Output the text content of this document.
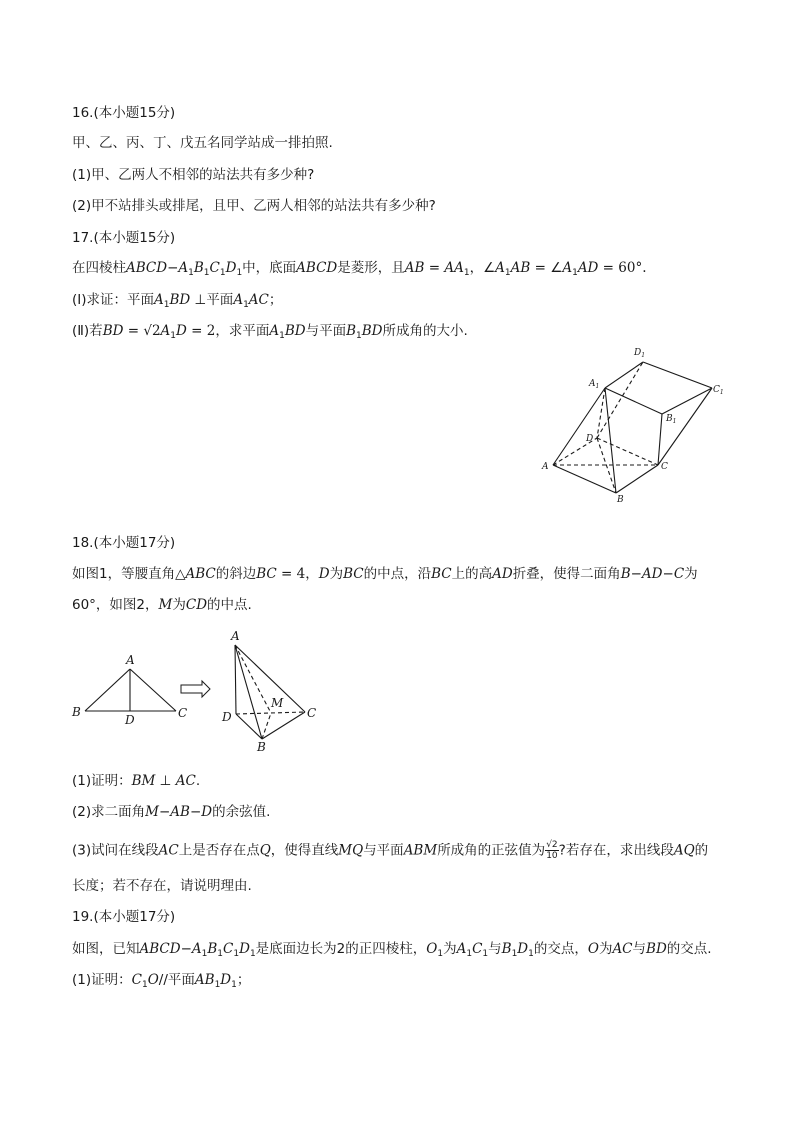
16.(本小题15分)
甲、乙、丙、丁、戊五名同学站成一排拍照.
(1)甲、乙两人不相邻的站法共有多少种?
(2)甲不站排头或排尾，且甲、乙两人相邻的站法共有多少种?
17.(本小题15分)
在四棱柱$ABCD-A_1B_1C_1D_1$中，底面ABCD是菱形，且AB = $AA_1$，$\angle A_1AB$ = $\angle A_1AD = 60^\circ$.
(Ⅰ)求证：平面$A_1BD$ ⊥平面$A_1AC$；
(Ⅱ)若BD = $√2A_1D = 2$，求平面$A_1BD$与平面$B_1BD$所成角的大小.
$D_1$
$A_1$	$C_1$
$B_1$
D
A	C
B
18.(本小题17分)
如图1，等腰直角△ABC的斜边BC = 4，D为BC的中点，沿BC上的高AD折叠，使得二面角B−AD−C为
60°，如图2，M为CD的中点.
A
B
D	C
A
D
M
C
B
(1)证明：BM ⊥ AC.
(2)求二面角M−AB−D的余弦值.
(3)试问在线段AC上是否存在点Q，使得直线MQ与平面ABM所成角的正弦值为 $\frac{√2}{10}$ ?若存在，求出线段AQ的
长度；若不存在，请说明理由.
19.(本小题17分)
如图，已知$ABCD-A_1B_1C_1D_1$是底面边长为2的正四棱柱，$O_1$为$A_1C_1$与$B_1D_1$的交点，O为AC与BD的交点.
(1)证明：$C_1O//$平面$AB_1D_1$；
